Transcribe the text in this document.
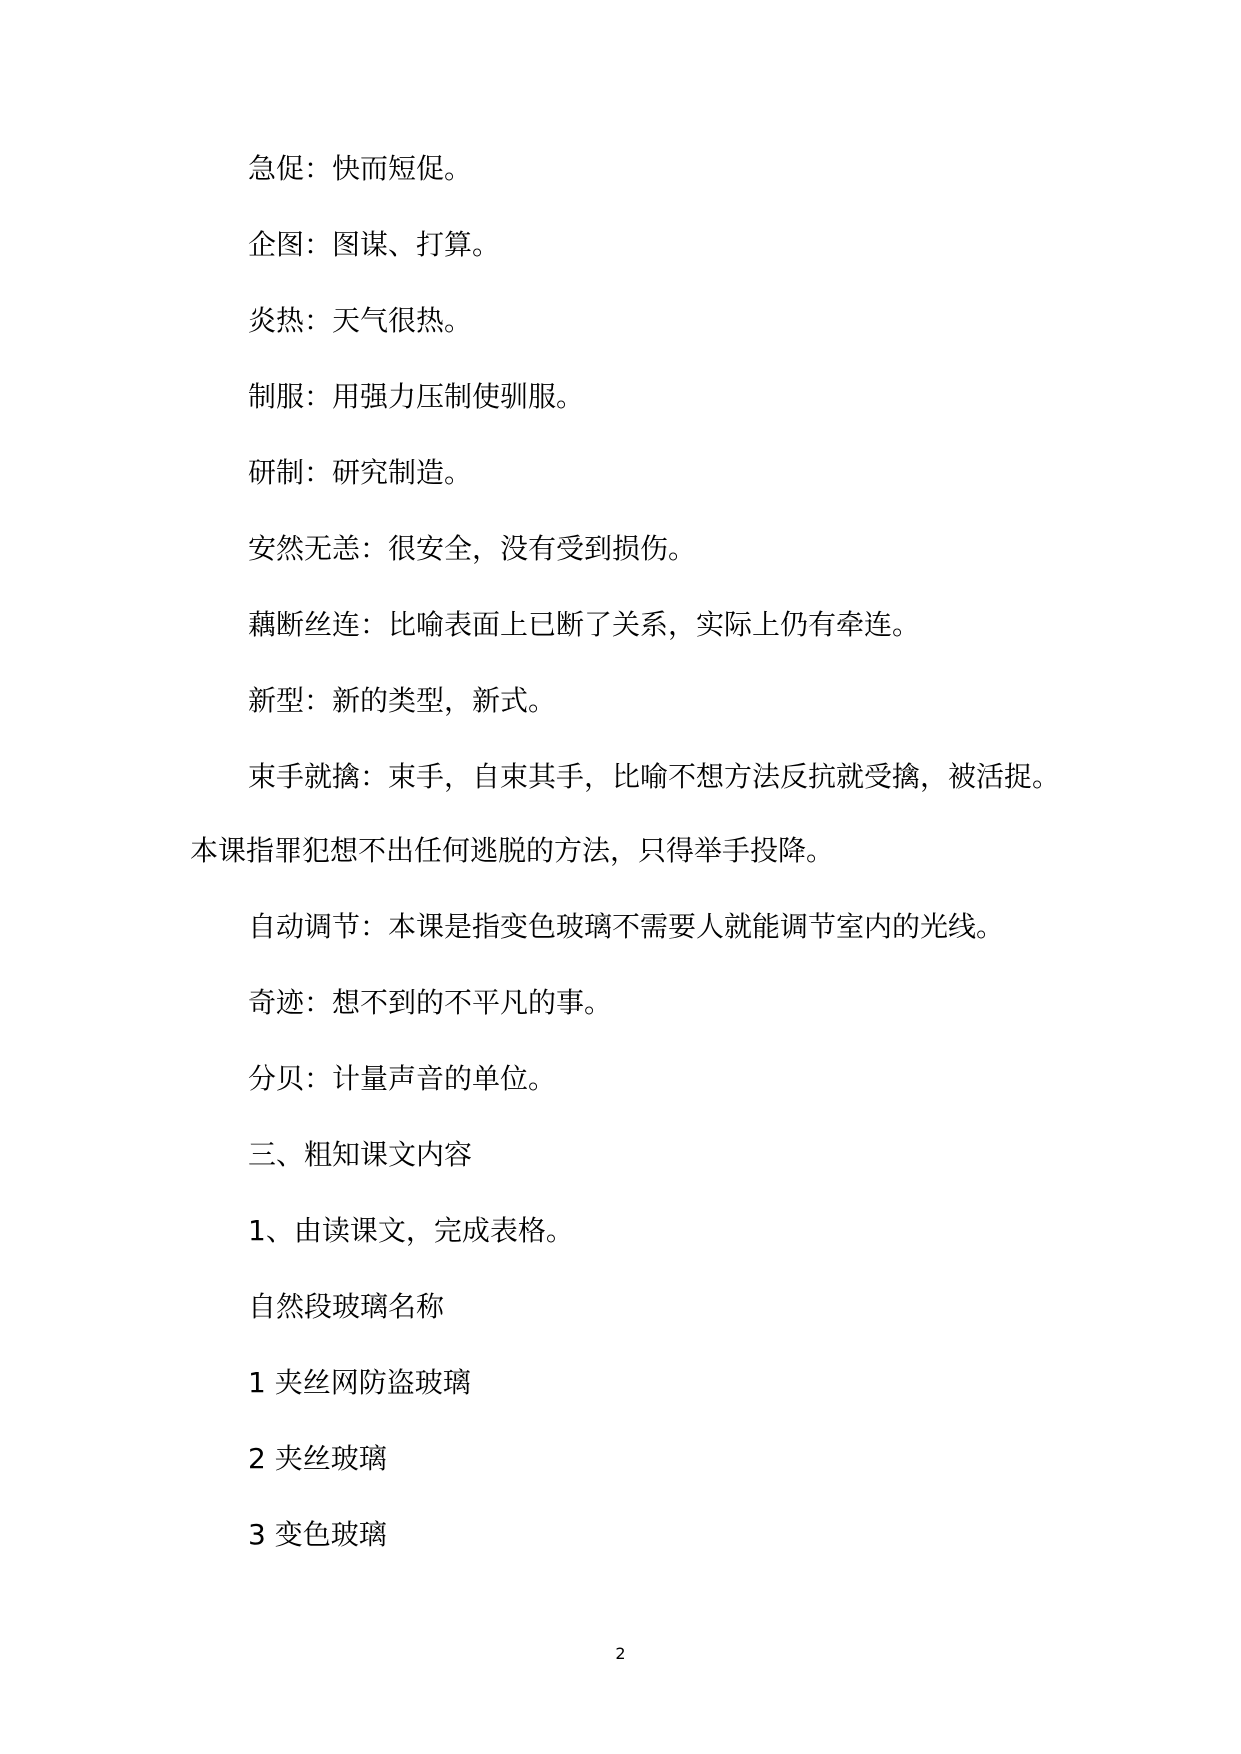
急促：快而短促。
企图：图谋、打算。
炎热：天气很热。
制服：用强力压制使驯服。
研制：研究制造。
安然无恙：很安全，没有受到损伤。
藕断丝连：比喻表面上已断了关系，实际上仍有牵连。
新型：新的类型，新式。
束手就擒：束手，自束其手，比喻不想方法反抗就受擒，被活捉。
本课指罪犯想不出任何逃脱的方法，只得举手投降。
自动调节：本课是指变色玻璃不需要人就能调节室内的光线。
奇迹：想不到的不平凡的事。
分贝：计量声音的单位。
三、粗知课文内容
1、由读课文，完成表格。
自然段玻璃名称
1 夹丝网防盗玻璃
2 夹丝玻璃
3 变色玻璃
2
